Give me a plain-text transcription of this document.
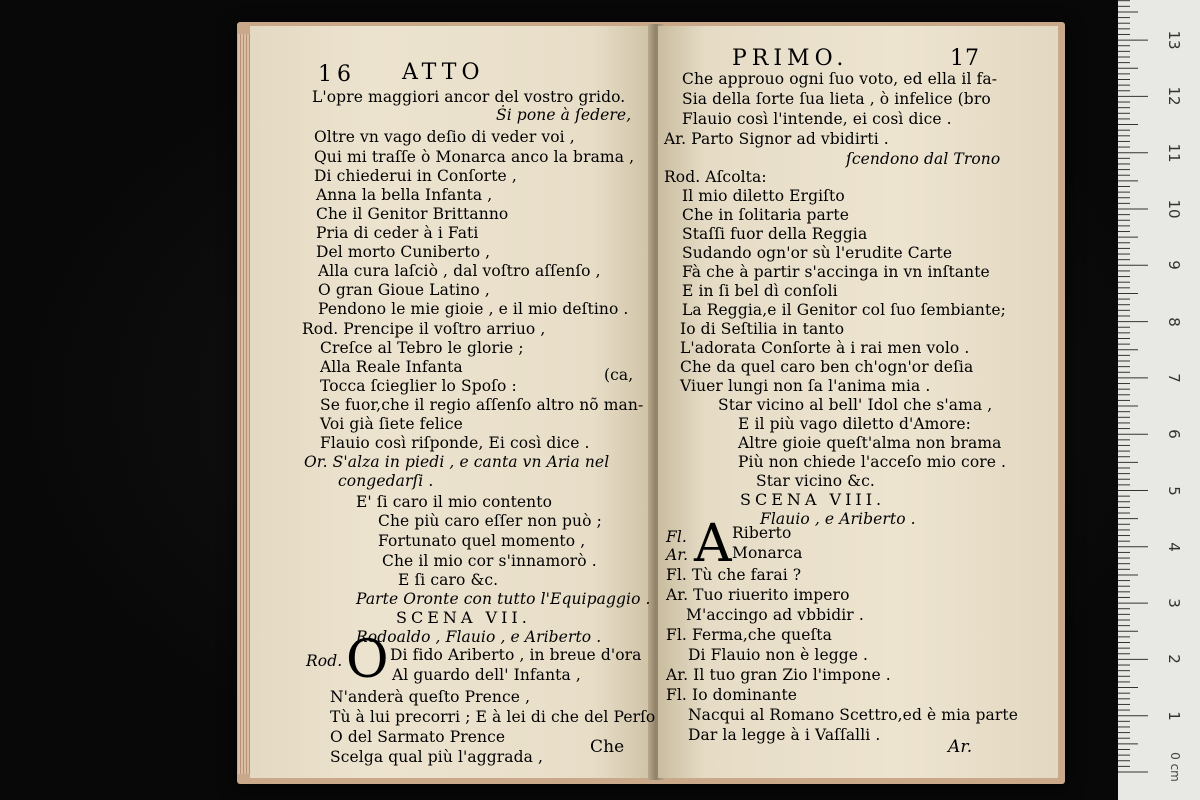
16 ATTO
L'opre maggiori ancor del vostro grido.
Ṡi pone à ſedere,
Oltre vn vago deſio di veder voi ,
Qui mi traſſe ò Monarca anco la brama ,
Di chiederui in Conſorte ,
Anna la bella Infanta ,
Che il Genitor Brittanno
Pria di ceder à i Fati
Del morto Cuniberto ,
Alla cura laſciò , dal voſtro aſſenſo ,
O gran Gioue Latino ,
Pendono le mie gioie , e il mio deſtino .
Rod. Prencipe il voſtro arriuo ,
Creſce al Tebro le glorie ;
Alla Reale Infanta
Tocca ſcieglier lo Spoſo :
(ca,
Se fuor,che il regio aſſenſo altro nõ man-
Voi già ſiete felice
Flauio così riſponde, Ei così dice .
Or. S'alza in piedi , e canta vn Aria nel
congedarſi .
E' ſi caro il mio contento
Che più caro eſſer non può ;
Fortunato quel momento ,
Che il mio cor s'innamorò .
E ſi caro &c.
Parte Oronte con tutto l'Equipaggio .
SCENA VII.
Rodoaldo , Flauio , e Ariberto .
Rod. O Di fido Ariberto , in breue d'ora
Al guardo dell' Infanta ,
N'anderà queſto Prence ,
Tù à lui precorri ; E à lei di che del Perſo
O del Sarmato Prence
Scelga qual più l'aggrada ,	Che
PRIMO.	17
Che approuo ogni ſuo voto, ed ella il fa-
Sia della ſorte ſua lieta , ò infelice (bro
Flauio così l'intende, ei così dice .
Ar. Parto Signor ad vbidirti .
ſcendono dal Trono
Rod. Aſcolta:
Il mio diletto Ergiſto
Che in ſolitaria parte
Staſſi fuor della Reggia
Sudando ogn'or sù l'erudite Carte
Fà che à partir s'accinga in vn inſtante
E in ſi bel dì conſoli
La Reggia,e il Genitor col ſuo ſembiante;
Io di Seſtilia in tanto
L'adorata Conſorte à i rai men volo .
Che da quel caro ben ch'ogn'or deſia
Viuer lungi non ſa l'anima mia .
Star vicino al bell' Idol che s'ama ,
E il più vago diletto d'Amore:
Altre gioie queſt'alma non brama
Più non chiede l'acceſo mio core .
Star vicino &c.
SCENA VIII.
Flauio , e Ariberto .
Fl. A Riberto
Ar.	Monarca
Fl. Tù che farai ?
Ar. Tuo riuerito impero
M'accingo ad vbbidir .
Fl. Ferma,che queſta
Di Flauio non è legge .
Ar. Il tuo gran Zio l'impone .
Fl. Io dominante
Nacqui al Romano Scettro,ed è mia parte
Dar la legge à i Vaſſalli .
Ar.
1
2
3
4
5
6
7
8
9
10
11
12
13
0 cm
